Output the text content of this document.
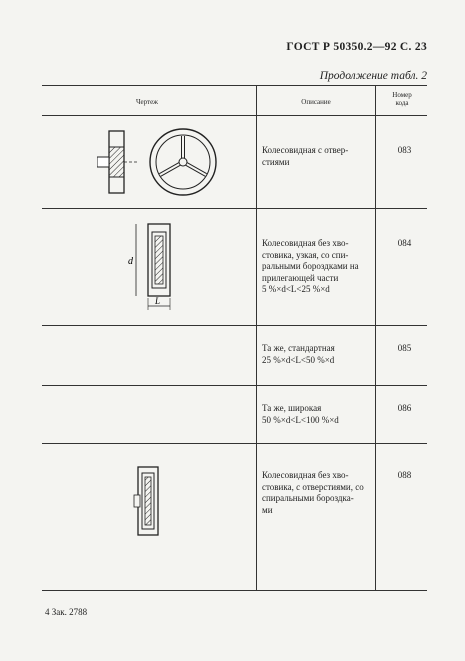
ГОСТ Р 50350.2—92 С. 23
Продолжение табл. 2
Чертеж	Описание
Номер
кода
d
L
Колесовидная с отвер-
стиями
083
Колесовидная без хво-
стовика, узкая, со спи-
ральными бороздками на
прилегающей части
5 %×d<L<25 %×d
084
Та же, стандартная
25 %×d<L<50 %×d
085
Та же, широкая
50 %×d<L<100 %×d
086
Колесовидная без хво-
стовика, с отверстиями, со
спиральными бороздка-
ми
088
4 Зак. 2788
